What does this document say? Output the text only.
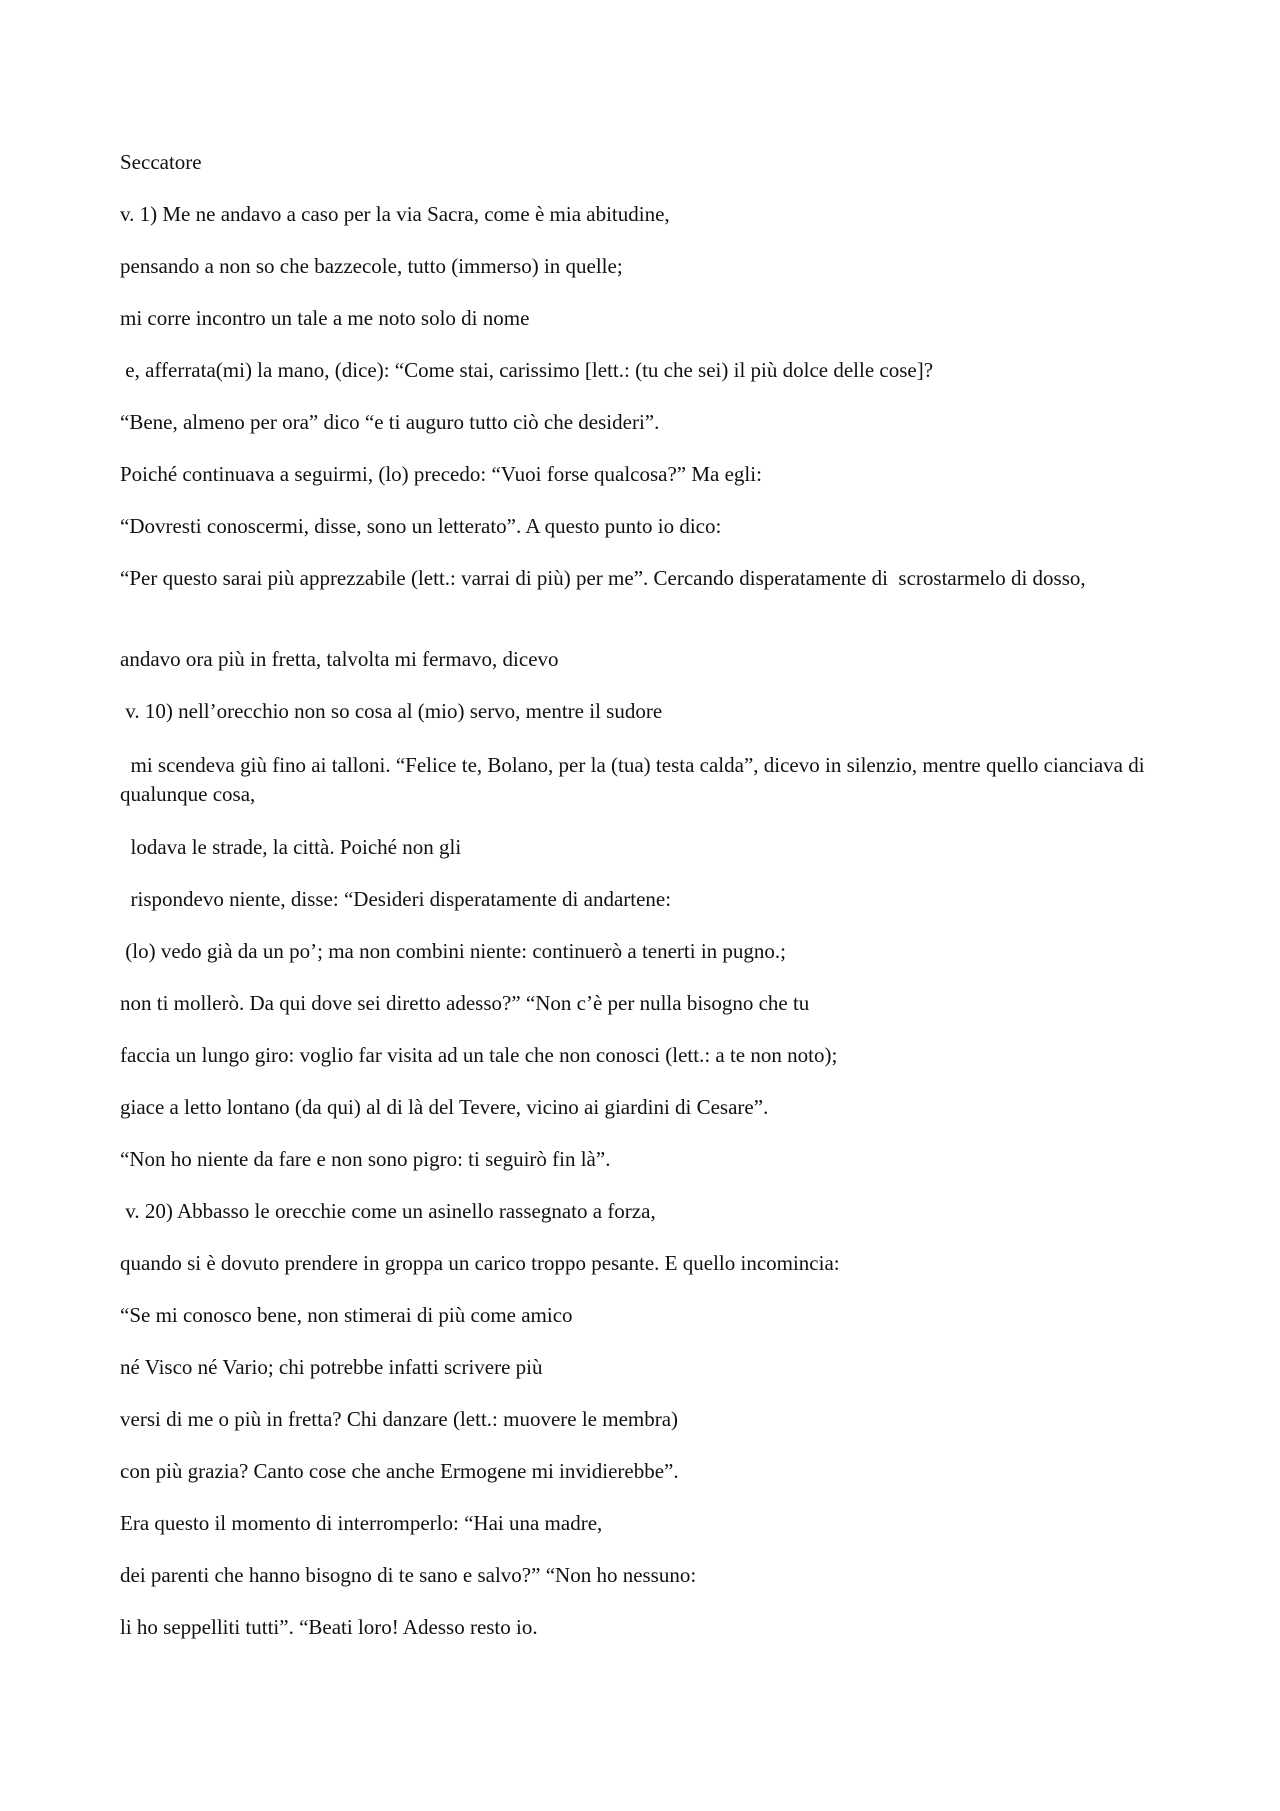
Seccatore

v. 1) Me ne andavo a caso per la via Sacra, come è mia abitudine,

pensando a non so che bazzecole, tutto (immerso) in quelle;

mi corre incontro un tale a me noto solo di nome

e, afferrata(mi) la mano, (dice): “Come stai, carissimo [lett.: (tu che sei) il più dolce delle cose]?

“Bene, almeno per ora” dico “e ti auguro tutto ciò che desideri”.

Poiché continuava a seguirmi, (lo) precedo: “Vuoi forse qualcosa?” Ma egli:

“Dovresti conoscermi, disse, sono un letterato”. A questo punto io dico:

“Per questo sarai più apprezzabile (lett.: varrai di più) per me”. Cercando disperatamente di  scrostarmelo di dosso,

andavo ora più in fretta, talvolta mi fermavo, dicevo

v. 10) nell’orecchio non so cosa al (mio) servo, mentre il sudore

mi scendeva giù fino ai talloni. “Felice te, Bolano, per la (tua) testa calda”, dicevo in silenzio, mentre quello cianciava di qualunque cosa,

lodava le strade, la città. Poiché non gli

rispondevo niente, disse: “Desideri disperatamente di andartene:

(lo) vedo già da un po’; ma non combini niente: continuerò a tenerti in pugno.;

non ti mollerò. Da qui dove sei diretto adesso?” “Non c’è per nulla bisogno che tu

faccia un lungo giro: voglio far visita ad un tale che non conosci (lett.: a te non noto);

giace a letto lontano (da qui) al di là del Tevere, vicino ai giardini di Cesare”.

“Non ho niente da fare e non sono pigro: ti seguirò fin là”.

v. 20) Abbasso le orecchie come un asinello rassegnato a forza,

quando si è dovuto prendere in groppa un carico troppo pesante. E quello incomincia:

“Se mi conosco bene, non stimerai di più come amico

né Visco né Vario; chi potrebbe infatti scrivere più

versi di me o più in fretta? Chi danzare (lett.: muovere le membra)

con più grazia? Canto cose che anche Ermogene mi invidierebbe”.

Era questo il momento di interromperlo: “Hai una madre,

dei parenti che hanno bisogno di te sano e salvo?” “Non ho nessuno:

li ho seppelliti tutti”. “Beati loro! Adesso resto io.
